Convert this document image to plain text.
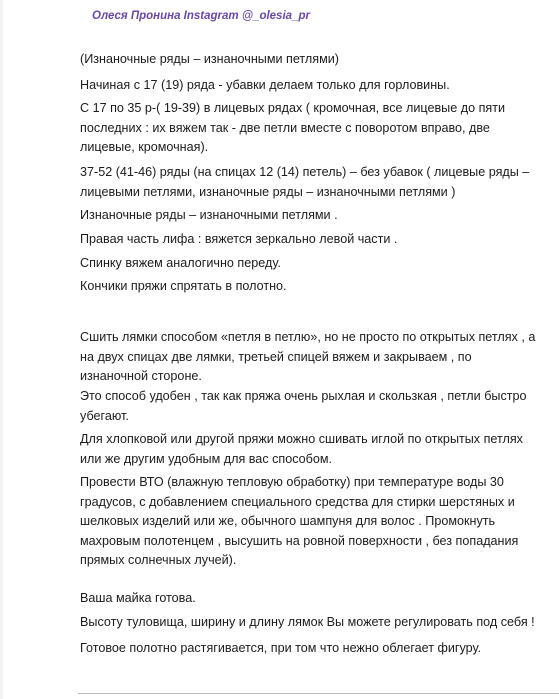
Олеся Пронина Instagram @_olesia_pr

(Изнаночные ряды – изнаночными петлями)

Начиная с 17 (19) ряда - убавки делаем только для горловины.

С 17 по 35 р-( 19-39) в лицевых рядах ( кромочная, все лицевые до пяти
последних : их вяжем так - две петли вместе с поворотом вправо, две
лицевые, кромочная).

37-52 (41-46) ряды (на спицах 12 (14) петель) – без убавок ( лицевые ряды –
лицевыми петлями, изнаночные ряды – изнаночными петлями )

Изнаночные ряды – изнаночными петлями .

Правая часть лифа : вяжется зеркально левой части .

Спинку вяжем аналогично переду.

Кончики пряжи спрятать в полотно.

Сшить лямки способом «петля в петлю», но не просто по открытых петлях , а
на двух спицах две лямки, третьей спицей вяжем и закрываем , по
изнаночной стороне.

Это способ удобен , так как пряжа очень рыхлая и скользкая , петли быстро
убегают.

Для хлопковой или другой пряжи можно сшивать иглой по открытых петлях
или же другим удобным для вас способом.

Провести ВТО (влажную тепловую обработку) при температуре воды 30
градусов, с добавлением специального средства для стирки шерстяных и
шелковых изделий или же, обычного шампуня для волос . Промокнуть
махровым полотенцем , высушить на ровной поверхности , без попадания
прямых солнечных лучей).

Ваша майка готова.

Высоту туловища, ширину и длину лямок Вы можете регулировать под себя !

Готовое полотно растягивается, при том что нежно облегает фигуру.
